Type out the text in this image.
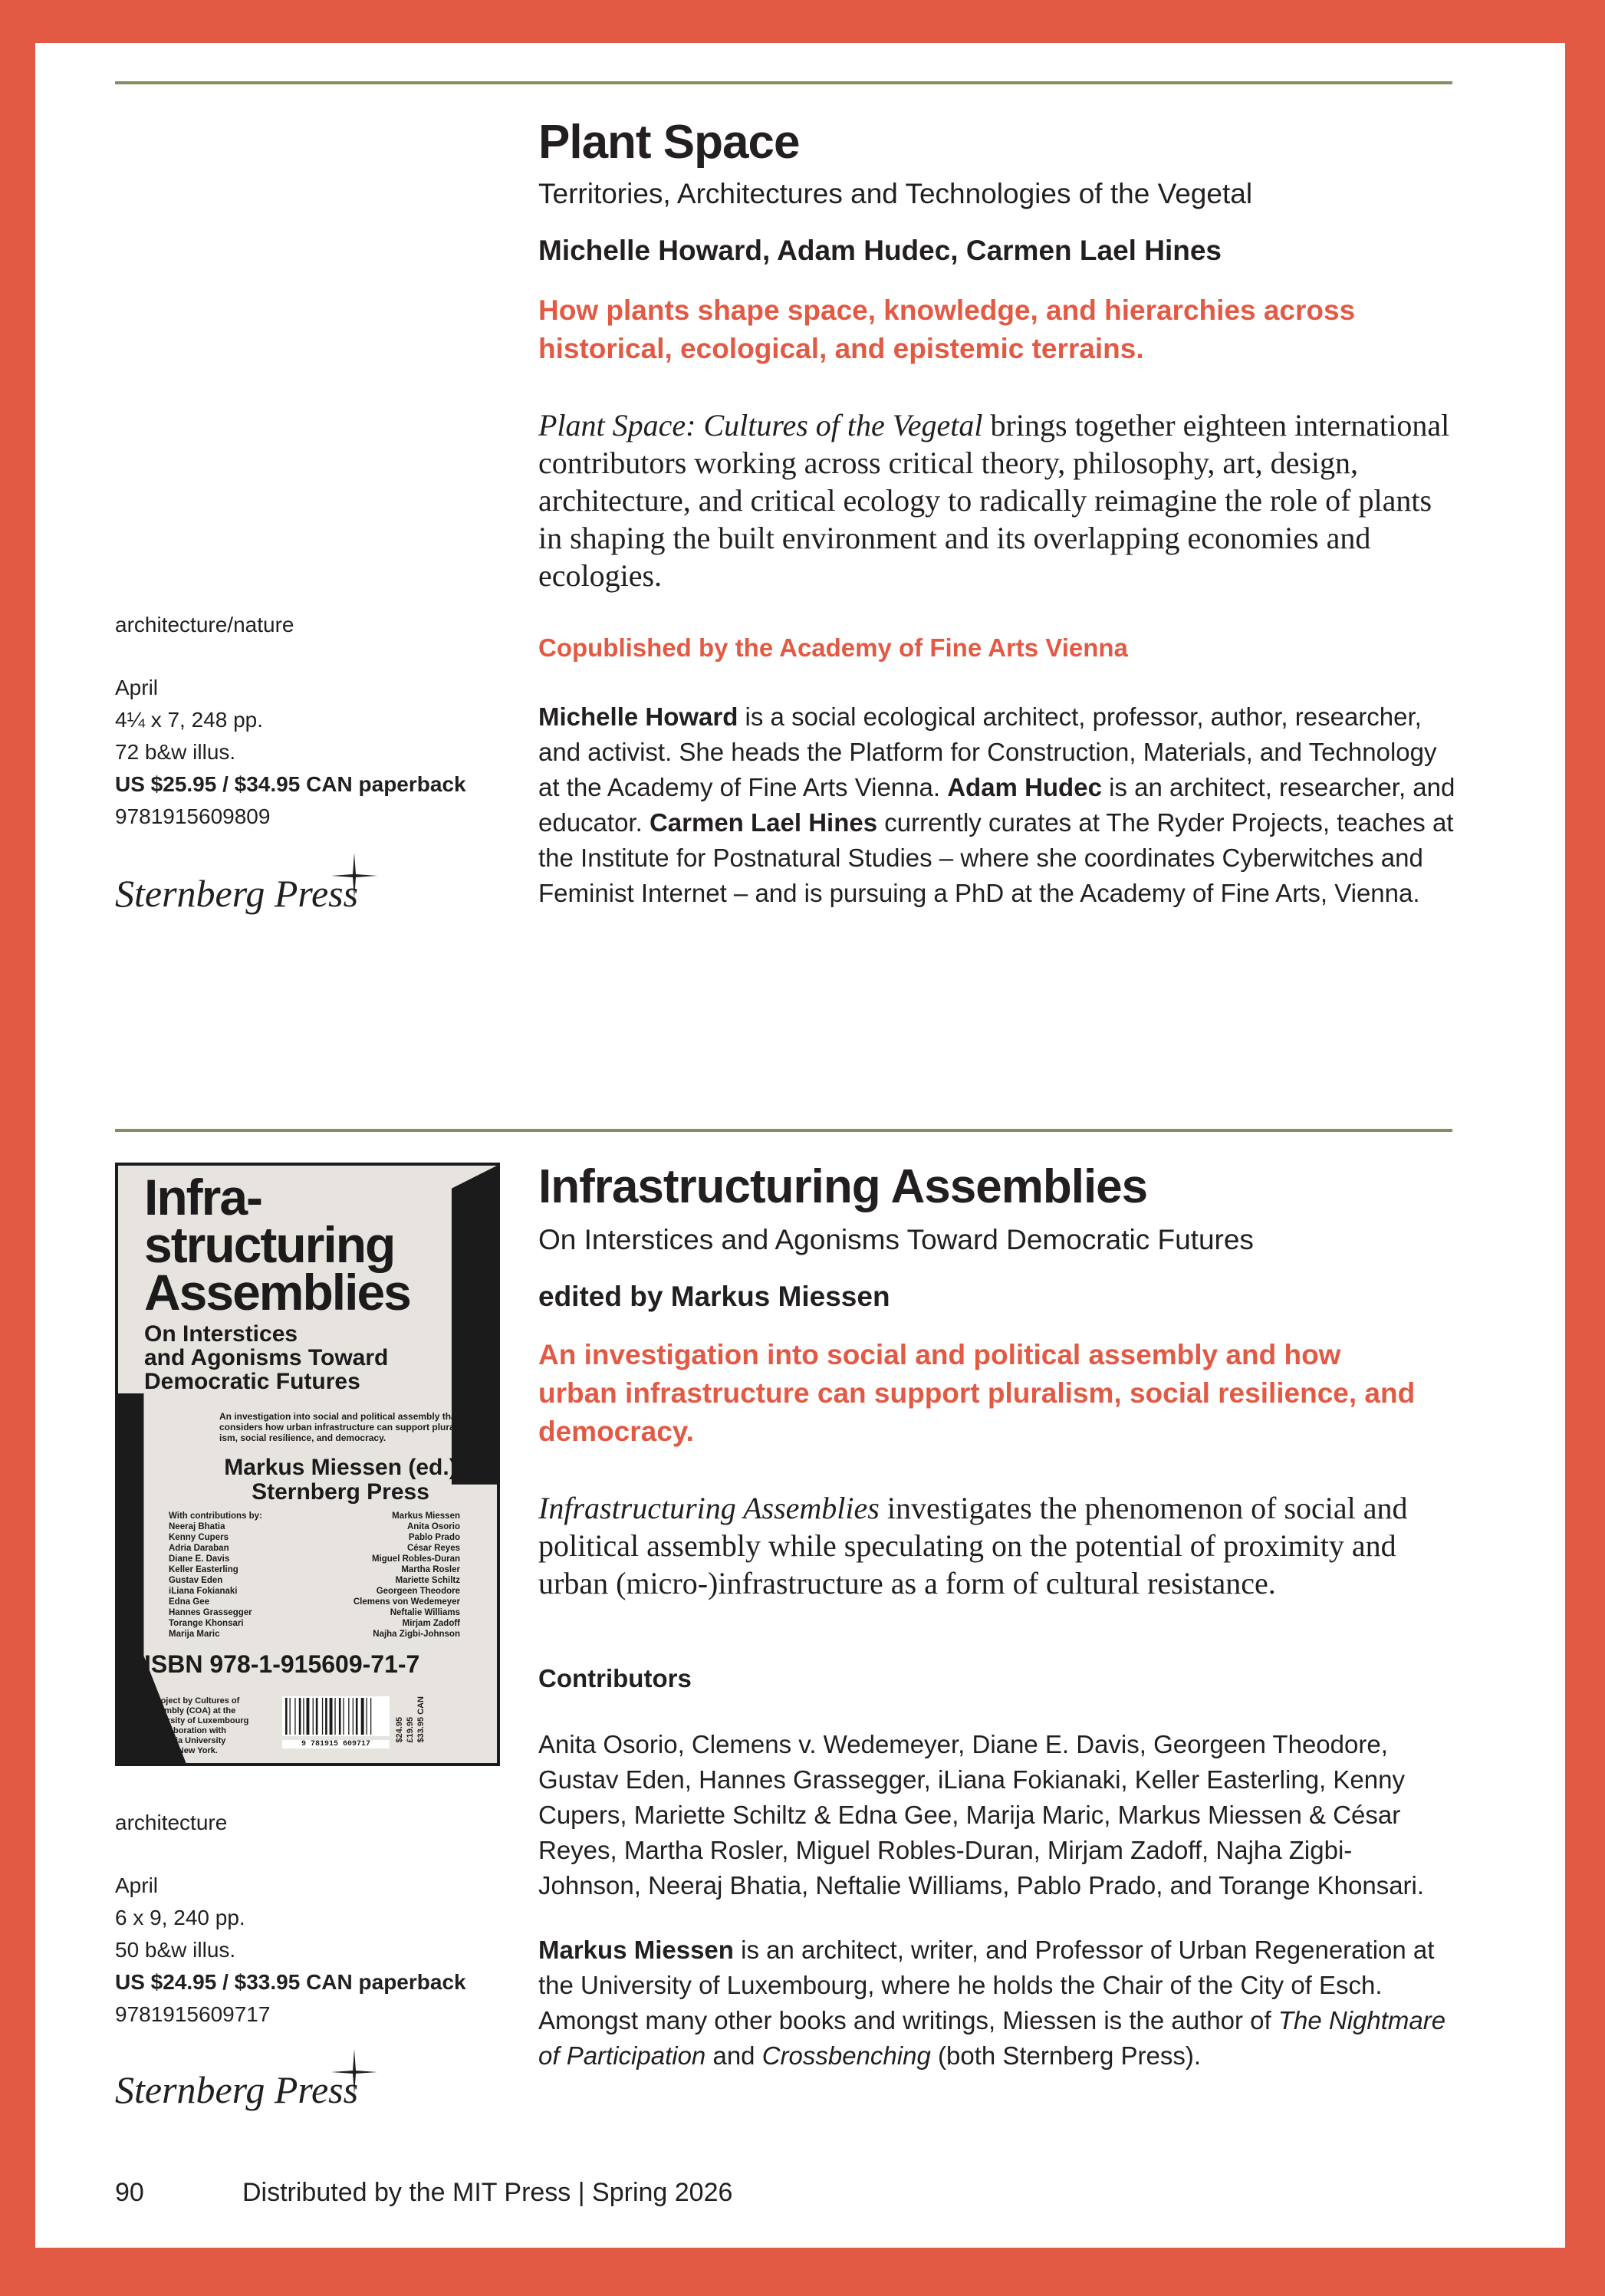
Plant Space
Territories, Architectures and Technologies of the Vegetal
Michelle Howard, Adam Hudec, Carmen Lael Hines
How plants shape space, knowledge, and hierarchies across
historical, ecological, and epistemic terrains.
Plant Space: Cultures of the Vegetal brings together eighteen international contributors working across critical theory, philosophy, art, design, architecture, and critical ecology to radically reimagine the role of plants in shaping the built environment and its overlapping economies and ecologies.
Copublished by the Academy of Fine Arts Vienna
Michelle Howard is a social ecological architect, professor, author, researcher, and activist. She heads the Platform for Construction, Materials, and Technology at the Academy of Fine Arts Vienna. Adam Hudec is an architect, researcher, and educator. Carmen Lael Hines currently curates at The Ryder Projects, teaches at the Institute for Postnatural Studies – where she coordinates Cyberwitches and Feminist Internet – and is pursuing a PhD at the Academy of Fine Arts, Vienna.
architecture/nature
April
4¼ x 7, 248 pp.
72 b&w illus.
US $25.95 / $34.95 CAN paperback
9781915609809
Sternberg Press
Infra-
structuring
Assemblies
On Interstices
and Agonisms Toward
Democratic Futures
An investigation into social and political assembly that
considers how urban infrastructure can support plural-
ism, social resilience, and democracy.
Markus Miessen (ed.)
Sternberg Press
With contributions by:
Neeraj Bhatia
Kenny Cupers
Adria Daraban
Diane E. Davis
Keller Easterling
Gustav Eden
iLiana Fokianaki
Edna Gee
Hannes Grassegger
Torange Khonsari
Marija Maric
Markus Miessen
Anita Osorio
Pablo Prado
César Reyes
Miguel Robles-Duran
Martha Rosler
Mariette Schiltz
Georgeen Theodore
Clemens von Wedemeyer
Neftalie Williams
Mirjam Zadoff
Najha Zigbi-Johnson
ISBN 978-1-915609-71-7
A project by Cultures of
Assembly (COA) at the
University of Luxembourg
in collaboration with
Columbia University
GSAAP, New York.
9 781915 609717
$24.95 £19.95 $33.95 CAN
Infrastructuring Assemblies
On Interstices and Agonisms Toward Democratic Futures
edited by Markus Miessen
An investigation into social and political assembly and how
urban infrastructure can support pluralism, social resilience, and
democracy.
Infrastructuring Assemblies investigates the phenomenon of social and political assembly while speculating on the potential of proximity and urban (micro-)infrastructure as a form of cultural resistance.
Contributors
Anita Osorio, Clemens v. Wedemeyer, Diane E. Davis, Georgeen Theodore, Gustav Eden, Hannes Grassegger, iLiana Fokianaki, Keller Easterling, Kenny Cupers, Mariette Schiltz & Edna Gee, Marija Maric, Markus Miessen & César Reyes, Martha Rosler, Miguel Robles-Duran, Mirjam Zadoff, Najha Zigbi-Johnson, Neeraj Bhatia, Neftalie Williams, Pablo Prado, and Torange Khonsari.
Markus Miessen is an architect, writer, and Professor of Urban Regeneration at the University of Luxembourg, where he holds the Chair of the City of Esch. Amongst many other books and writings, Miessen is the author of The Nightmare of Participation and Crossbenching (both Sternberg Press).
architecture
April
6 x 9, 240 pp.
50 b&w illus.
US $24.95 / $33.95 CAN paperback
9781915609717
Sternberg Press
90	Distributed by the MIT Press | Spring 2026
